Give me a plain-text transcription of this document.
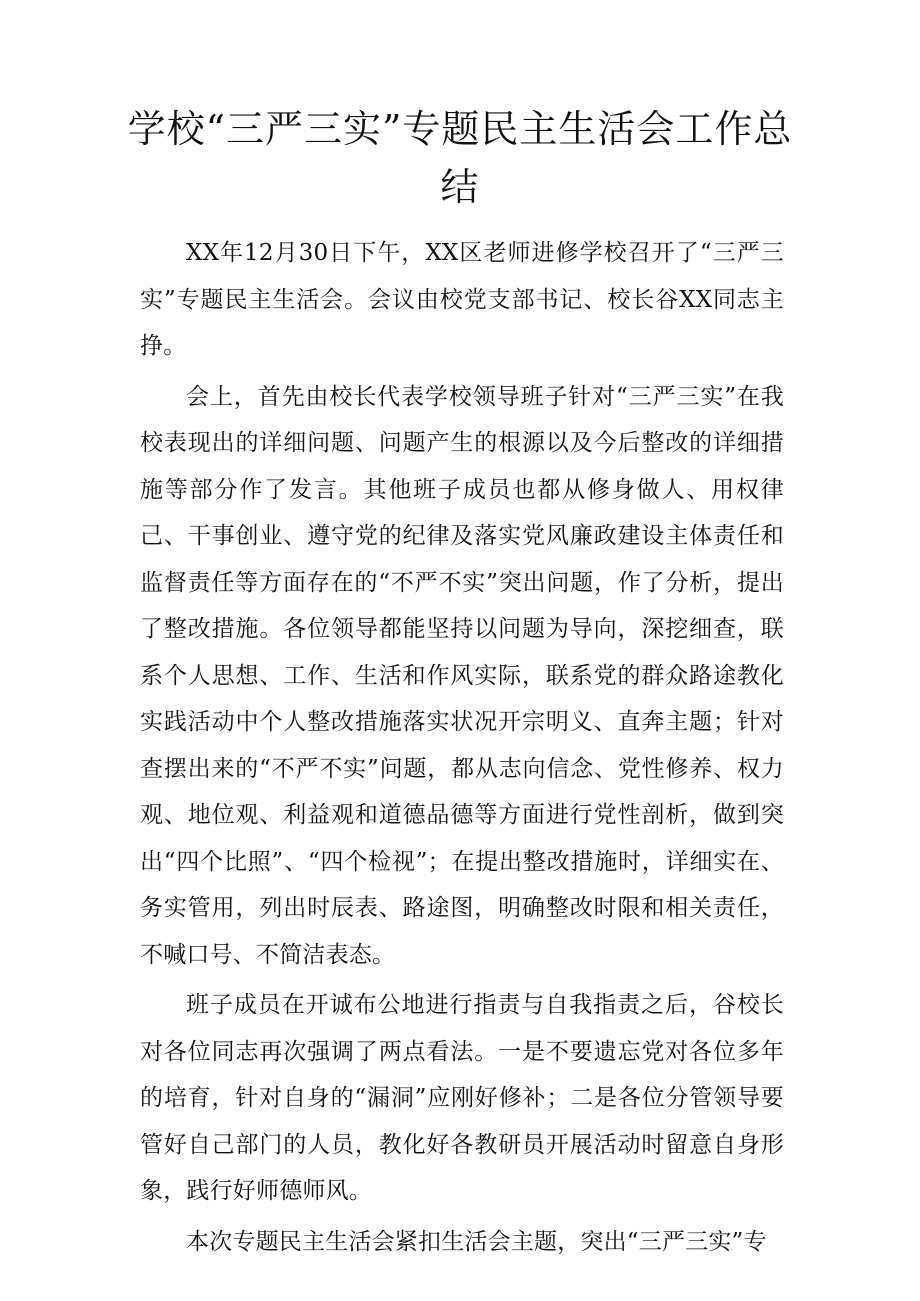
学校“三严三实”专题民主生活会工作总结

XX年12月30日下午，XX区老师进修学校召开了“三严三实”专题民主生活会。会议由校党支部书记、校长谷XX同志主挣。

会上，首先由校长代表学校领导班子针对“三严三实”在我校表现出的详细问题、问题产生的根源以及今后整改的详细措施等部分作了发言。其他班子成员也都从修身做人、用权律己、干事创业、遵守党的纪律及落实党风廉政建设主体责任和监督责任等方面存在的“不严不实”突出问题，作了分析，提出了整改措施。各位领导都能坚持以问题为导向，深挖细查，联系个人思想、工作、生活和作风实际，联系党的群众路途教化实践活动中个人整改措施落实状况开宗明义、直奔主题；针对查摆出来的“不严不实”问题，都从志向信念、党性修养、权力观、地位观、利益观和道德品德等方面进行党性剖析，做到突出“四个比照”、“四个检视”；在提出整改措施时，详细实在、务实管用，列出时辰表、路途图，明确整改时限和相关责任，不喊口号、不简洁表态。

班子成员在开诚布公地进行指责与自我指责之后，谷校长对各位同志再次强调了两点看法。一是不要遗忘党对各位多年的培育，针对自身的“漏洞”应刚好修补；二是各位分管领导要管好自己部门的人员，教化好各教研员开展活动时留意自身形象，践行好师德师风。

本次专题民主生活会紧扣生活会主题，突出“三严三实”专
